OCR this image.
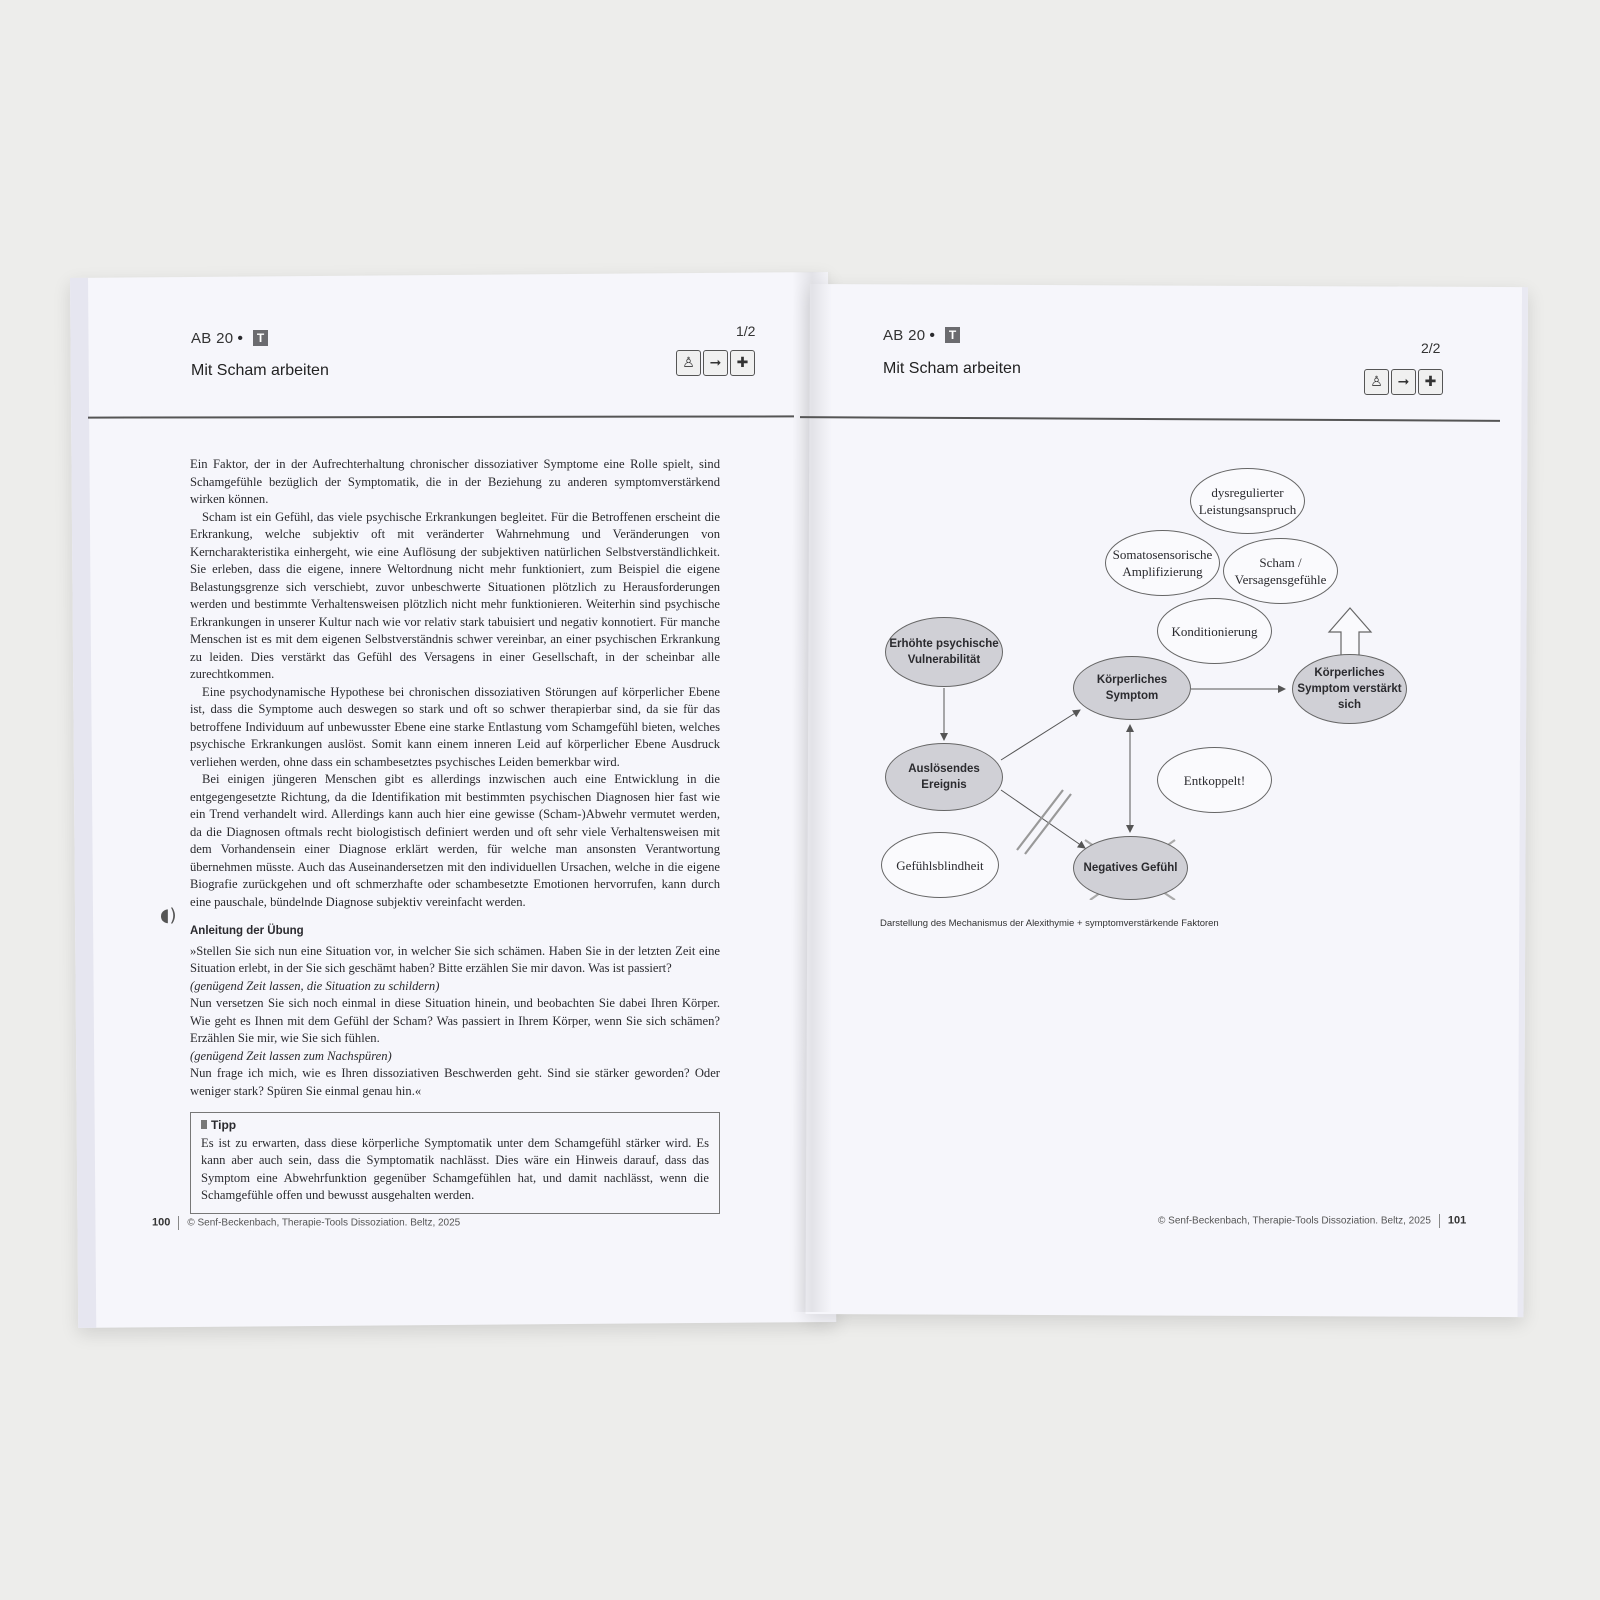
AB 20 • T
Mit Scham arbeiten
1/2
♙	➞	✚

Ein Faktor, der in der Aufrechterhaltung chronischer dissoziativer Symptome eine Rolle spielt, sind Schamgefühle bezüglich der Symptomatik, die in der Beziehung zu anderen symptomverstärkend wirken können.

Scham ist ein Gefühl, das viele psychische Erkrankungen begleitet. Für die Betroffenen erscheint die Erkrankung, welche subjektiv oft mit veränderter Wahrnehmung und Veränderungen von Kerncharakteristika einhergeht, wie eine Auflösung der subjektiven natürlichen Selbstverständlichkeit. Sie erleben, dass die eigene, innere Weltordnung nicht mehr funktioniert, zum Beispiel die eigene Belastungsgrenze sich verschiebt, zuvor unbeschwerte Situationen plötzlich zu Herausforderungen werden und bestimmte Verhaltensweisen plötzlich nicht mehr funktionieren. Weiterhin sind psychische Erkrankungen in unserer Kultur nach wie vor relativ stark tabuisiert und negativ konnotiert. Für manche Menschen ist es mit dem eigenen Selbstverständnis schwer vereinbar, an einer psychischen Erkrankung zu leiden. Dies verstärkt das Gefühl des Versagens in einer Gesellschaft, in der scheinbar alle zurechtkommen.

Eine psychodynamische Hypothese bei chronischen dissoziativen Störungen auf körperlicher Ebene ist, dass die Symptome auch deswegen so stark und oft so schwer therapierbar sind, da sie für das betroffene Individuum auf unbewusster Ebene eine starke Entlastung vom Schamgefühl bieten, welches psychische Erkrankungen auslöst. Somit kann einem inneren Leid auf körperlicher Ebene Ausdruck verliehen werden, ohne dass ein schambesetztes psychisches Leiden bemerkbar wird.

Bei einigen jüngeren Menschen gibt es allerdings inzwischen auch eine Entwicklung in die entgegengesetzte Richtung, da die Identifikation mit bestimmten psychischen Diagnosen hier fast wie ein Trend verhandelt wird. Allerdings kann auch hier eine gewisse (Scham-)Abwehr vermutet werden, da die Diagnosen oftmals recht biologistisch definiert werden und oft sehr viele Verhaltensweisen mit dem Vorhandensein einer Diagnose erklärt werden, für welche man ansonsten Verantwortung übernehmen müsste. Auch das Auseinandersetzen mit den individuellen Ursachen, welche in die eigene Biografie zurückgehen und oft schmerzhafte oder schambesetzte Emotionen hervorrufen, kann durch eine pauschale, bündelnde Diagnose subjektiv vereinfacht werden.

Anleitung der Übung

»Stellen Sie sich nun eine Situation vor, in welcher Sie sich schämen. Haben Sie in der letzten Zeit eine Situation erlebt, in der Sie sich geschämt haben? Bitte erzählen Sie mir davon. Was ist passiert?

(genügend Zeit lassen, die Situation zu schildern)

Nun versetzen Sie sich noch einmal in diese Situation hinein, und beobachten Sie dabei Ihren Körper. Wie geht es Ihnen mit dem Gefühl der Scham? Was passiert in Ihrem Körper, wenn Sie sich schämen? Erzählen Sie mir, wie Sie sich fühlen.

(genügend Zeit lassen zum Nachspüren)

Nun frage ich mich, wie es Ihren dissoziativen Beschwerden geht. Sind sie stärker geworden? Oder weniger stark? Spüren Sie einmal genau hin.«

Tipp

Es ist zu erwarten, dass diese körperliche Symptomatik unter dem Schamgefühl stärker wird. Es kann aber auch sein, dass die Symptomatik nachlässt. Dies wäre ein Hinweis darauf, dass das Symptom eine Abwehrfunktion gegenüber Schamgefühlen hat, und damit nachlässt, wenn die Schamgefühle offen und bewusst ausgehalten werden.

◖)
100 © Senf-Beckenbach, Therapie-Tools Dissoziation. Beltz, 2025
AB 20 • T
Mit Scham arbeiten
2/2
♙	➞	✚
dysregulierter Leistungsanspruch
Somatosensorische Amplifizierung
Scham / Versagensgefühle
Konditionierung
Erhöhte psychische Vulnerabilität
Körperliches Symptom
Körperliches Symptom verstärkt sich
Auslösendes Ereignis	Entkoppelt!
Gefühlsblindheit	Negatives Gefühl
Darstellung des Mechanismus der Alexithymie + symptomverstärkende Faktoren
© Senf-Beckenbach, Therapie-Tools Dissoziation. Beltz, 2025 101
